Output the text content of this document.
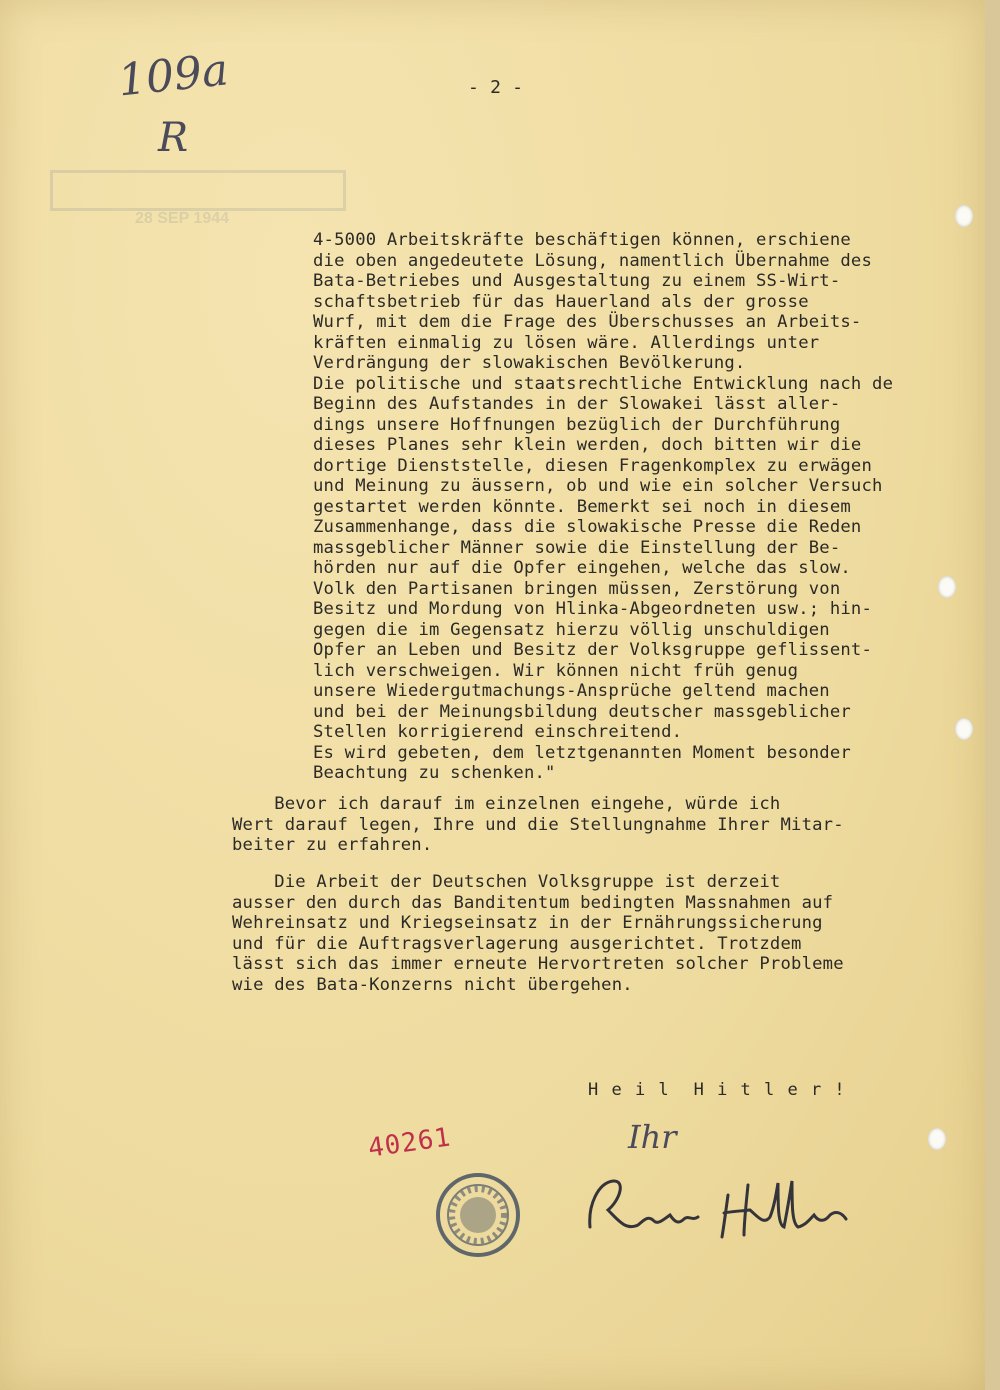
109a
R
- 2 -
28 SEP 1944
4-5000 Arbeitskräfte beschäftigen können, erschiene
die oben angedeutete Lösung, namentlich Übernahme des
Bata-Betriebes und Ausgestaltung zu einem SS-Wirt-
schaftsbetrieb für das Hauerland als der grosse
Wurf, mit dem die Frage des Überschusses an Arbeits-
kräften einmalig zu lösen wäre. Allerdings unter
Verdrängung der slowakischen Bevölkerung.
Die politische und staatsrechtliche Entwicklung nach de
Beginn des Aufstandes in der Slowakei lässt aller-
dings unsere Hoffnungen bezüglich der Durchführung
dieses Planes sehr klein werden, doch bitten wir die
dortige Dienststelle, diesen Fragenkomplex zu erwägen
und Meinung zu äussern, ob und wie ein solcher Versuch
gestartet werden könnte. Bemerkt sei noch in diesem
Zusammenhange, dass die slowakische Presse die Reden
massgeblicher Männer sowie die Einstellung der Be-
hörden nur auf die Opfer eingehen, welche das slow.
Volk den Partisanen bringen müssen, Zerstörung von
Besitz und Mordung von Hlinka-Abgeordneten usw.; hin-
gegen die im Gegensatz hierzu völlig unschuldigen
Opfer an Leben und Besitz der Volksgruppe geflissent-
lich verschweigen. Wir können nicht früh genug
unsere Wiedergutmachungs-Ansprüche geltend machen
und bei der Meinungsbildung deutscher massgeblicher
Stellen korrigierend einschreitend.
Es wird gebeten, dem letztgenannten Moment besonder
Beachtung zu schenken."
Bevor ich darauf im einzelnen eingehe, würde ich
Wert darauf legen, Ihre und die Stellungnahme Ihrer Mitar-
beiter zu erfahren.
Die Arbeit der Deutschen Volksgruppe ist derzeit
ausser den durch das Banditentum bedingten Massnahmen auf
Wehreinsatz und Kriegseinsatz in der Ernährungssicherung
und für die Auftragsverlagerung ausgerichtet. Trotzdem
lässt sich das immer erneute Hervortreten solcher Probleme
wie des Bata-Konzerns nicht übergehen.
H e i l  H i t l e r !
Ihr
40261
